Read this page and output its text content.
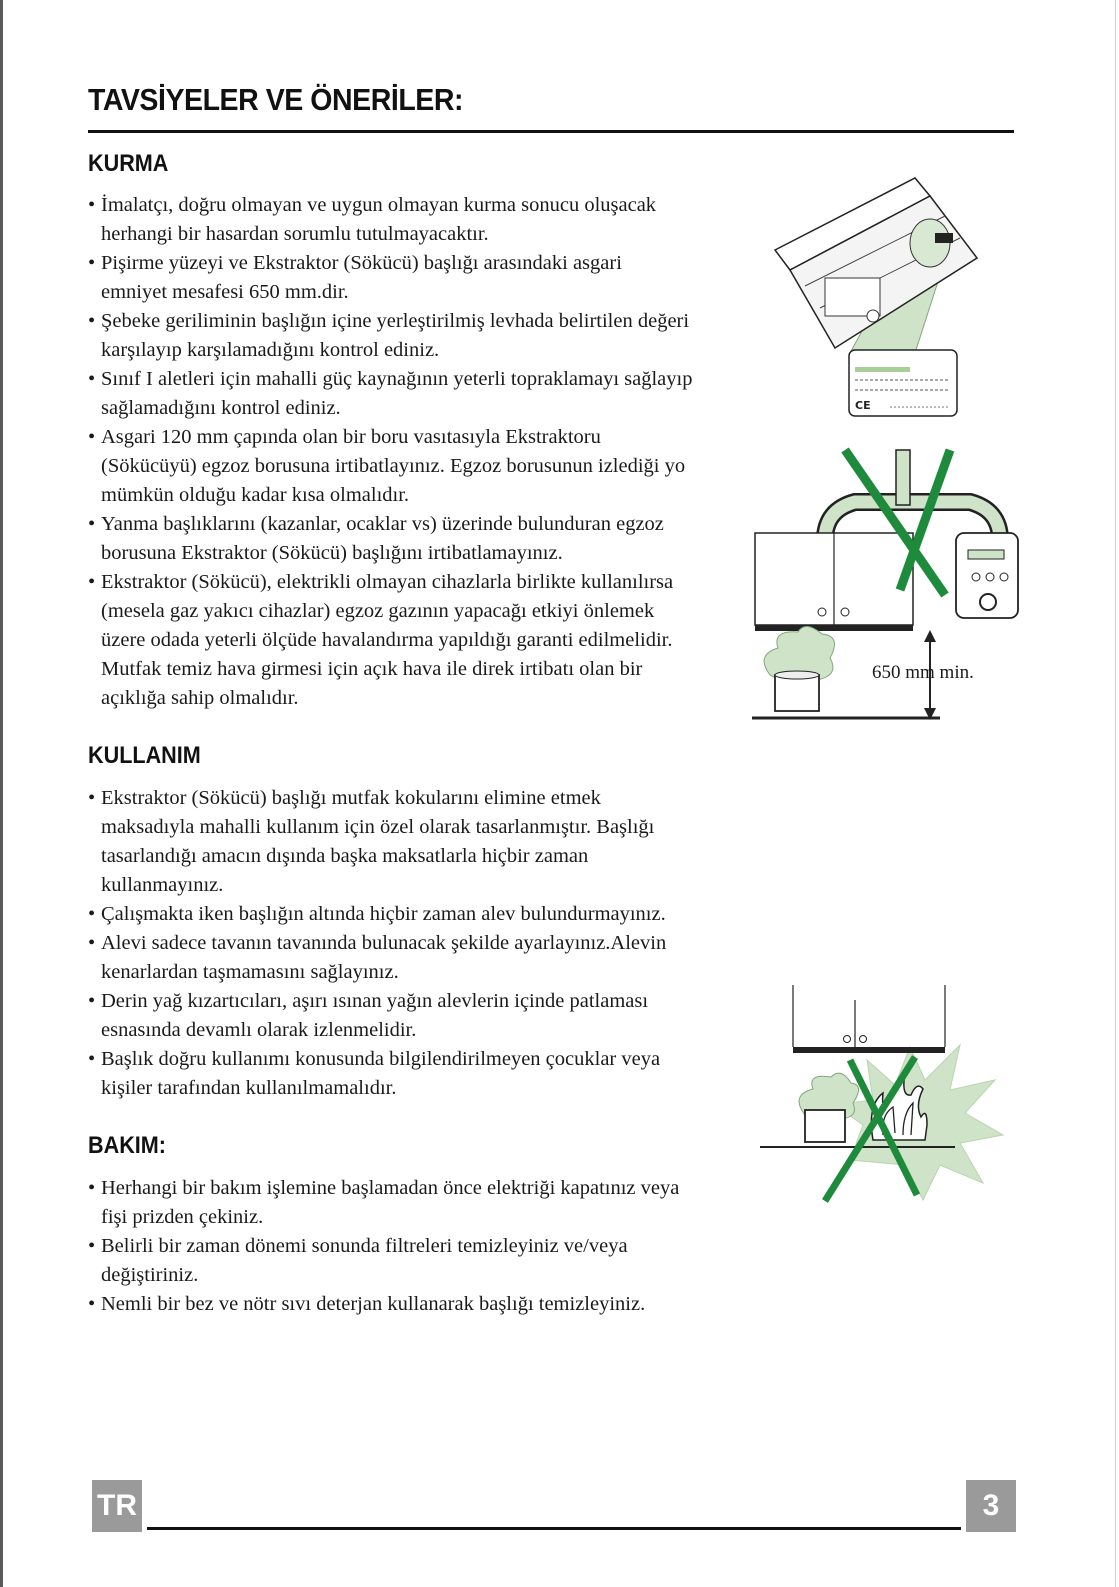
TAVSİYELER VE ÖNERİLER:
KURMA
• İmalatçı, doğru olmayan ve uygun olmayan kurma sonucu oluşacak
herhangi bir hasardan sorumlu tutulmayacaktır.
• Pişirme yüzeyi ve Ekstraktor (Sökücü) başlığı arasındaki asgari
emniyet mesafesi 650 mm.dir.
• Şebeke geriliminin başlığın içine yerleştirilmiş levhada belirtilen değeri
karşılayıp karşılamadığını kontrol ediniz.
• Sınıf I aletleri için mahalli güç kaynağının yeterli topraklamayı sağlayıp
sağlamadığını kontrol ediniz.
• Asgari 120 mm çapında olan bir boru vasıtasıyla Ekstraktoru
(Sökücüyü) egzoz borusuna irtibatlayınız. Egzoz borusunun izlediği yo
mümkün olduğu kadar kısa olmalıdır.
• Yanma başlıklarını (kazanlar, ocaklar vs) üzerinde bulunduran egzoz
borusuna Ekstraktor (Sökücü) başlığını irtibatlamayınız.
• Ekstraktor (Sökücü), elektrikli olmayan cihazlarla birlikte kullanılırsa
(mesela gaz yakıcı cihazlar) egzoz gazının yapacağı etkiyi önlemek
üzere odada yeterli ölçüde havalandırma yapıldığı garanti edilmelidir.
Mutfak temiz hava girmesi için açık hava ile direk irtibatı olan bir
açıklığa sahip olmalıdır.
KULLANIM
• Ekstraktor (Sökücü) başlığı mutfak kokularını elimine etmek
maksadıyla mahalli kullanım için özel olarak tasarlanmıştır. Başlığı
tasarlandığı amacın dışında başka maksatlarla hiçbir zaman
kullanmayınız.
• Çalışmakta iken başlığın altında hiçbir zaman alev bulundurmayınız.
• Alevi sadece tavanın tavanında bulunacak şekilde ayarlayınız.Alevin
kenarlardan taşmamasını sağlayınız.
• Derin yağ kızartıcıları, aşırı ısınan yağın alevlerin içinde patlaması
esnasında devamlı olarak izlenmelidir.
• Başlık doğru kullanımı konusunda bilgilendirilmeyen çocuklar veya
kişiler tarafından kullanılmamalıdır.
BAKIM:
• Herhangi bir bakım işlemine başlamadan önce elektriği kapatınız veya
fişi prizden çekiniz.
• Belirli bir zaman dönemi sonunda filtreleri temizleyiniz ve/veya
değiştiriniz.
• Nemli bir bez ve nötr sıvı deterjan kullanarak başlığı temizleyiniz.
CE
650 mm min.
TR	3
